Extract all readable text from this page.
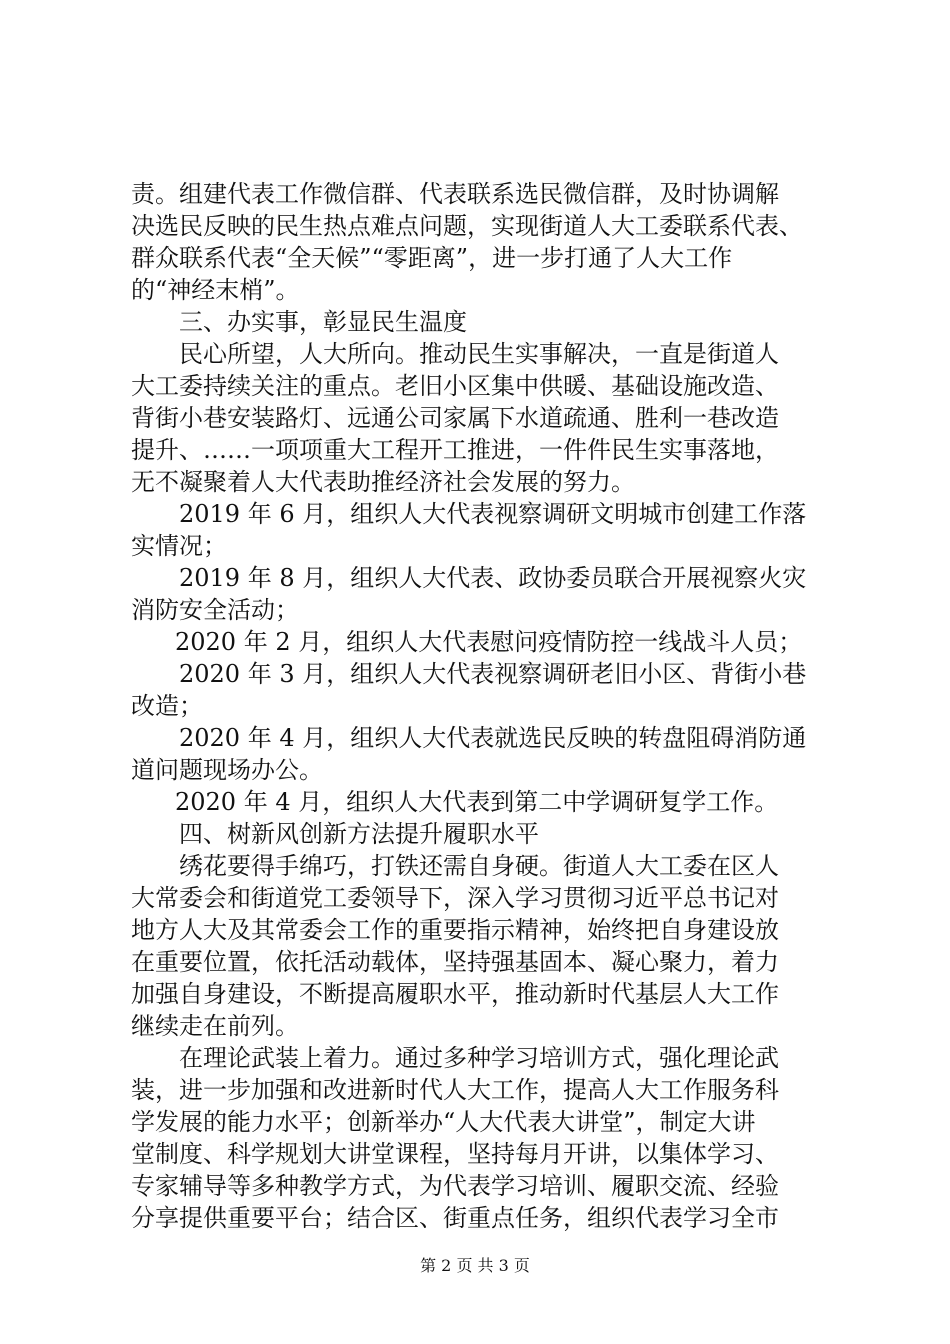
责。组建代表工作微信群、代表联系选民微信群，及时协调解
决选民反映的民生热点难点问题，实现街道人大工委联系代表、
群众联系代表“全天候”“零距离”，进一步打通了人大工作
的“神经末梢”。
三、办实事，彰显民生温度
民心所望，人大所向。推动民生实事解决，一直是街道人
大工委持续关注的重点。老旧小区集中供暖、基础设施改造、
背街小巷安装路灯、远通公司家属下水道疏通、胜利一巷改造
提升、……一项项重大工程开工推进，一件件民生实事落地，
无不凝聚着人大代表助推经济社会发展的努力。
2019 年 6 月，组织人大代表视察调研文明城市创建工作落
实情况；
2019 年 8 月，组织人大代表、政协委员联合开展视察火灾
消防安全活动；
2020 年 2 月，组织人大代表慰问疫情防控一线战斗人员；
2020 年 3 月，组织人大代表视察调研老旧小区、背街小巷
改造；
2020 年 4 月，组织人大代表就选民反映的转盘阻碍消防通
道问题现场办公。
2020 年 4 月，组织人大代表到第二中学调研复学工作。
四、树新风创新方法提升履职水平
绣花要得手绵巧，打铁还需自身硬。街道人大工委在区人
大常委会和街道党工委领导下，深入学习贯彻习近平总书记对
地方人大及其常委会工作的重要指示精神，始终把自身建设放
在重要位置，依托活动载体，坚持强基固本、凝心聚力，着力
加强自身建设，不断提高履职水平，推动新时代基层人大工作
继续走在前列。
在理论武装上着力。通过多种学习培训方式，强化理论武
装，进一步加强和改进新时代人大工作，提高人大工作服务科
学发展的能力水平；创新举办“人大代表大讲堂”，制定大讲
堂制度、科学规划大讲堂课程，坚持每月开讲，以集体学习、
专家辅导等多种教学方式，为代表学习培训、履职交流、经验
分享提供重要平台；结合区、街重点任务，组织代表学习全市
第 2 页 共 3 页
